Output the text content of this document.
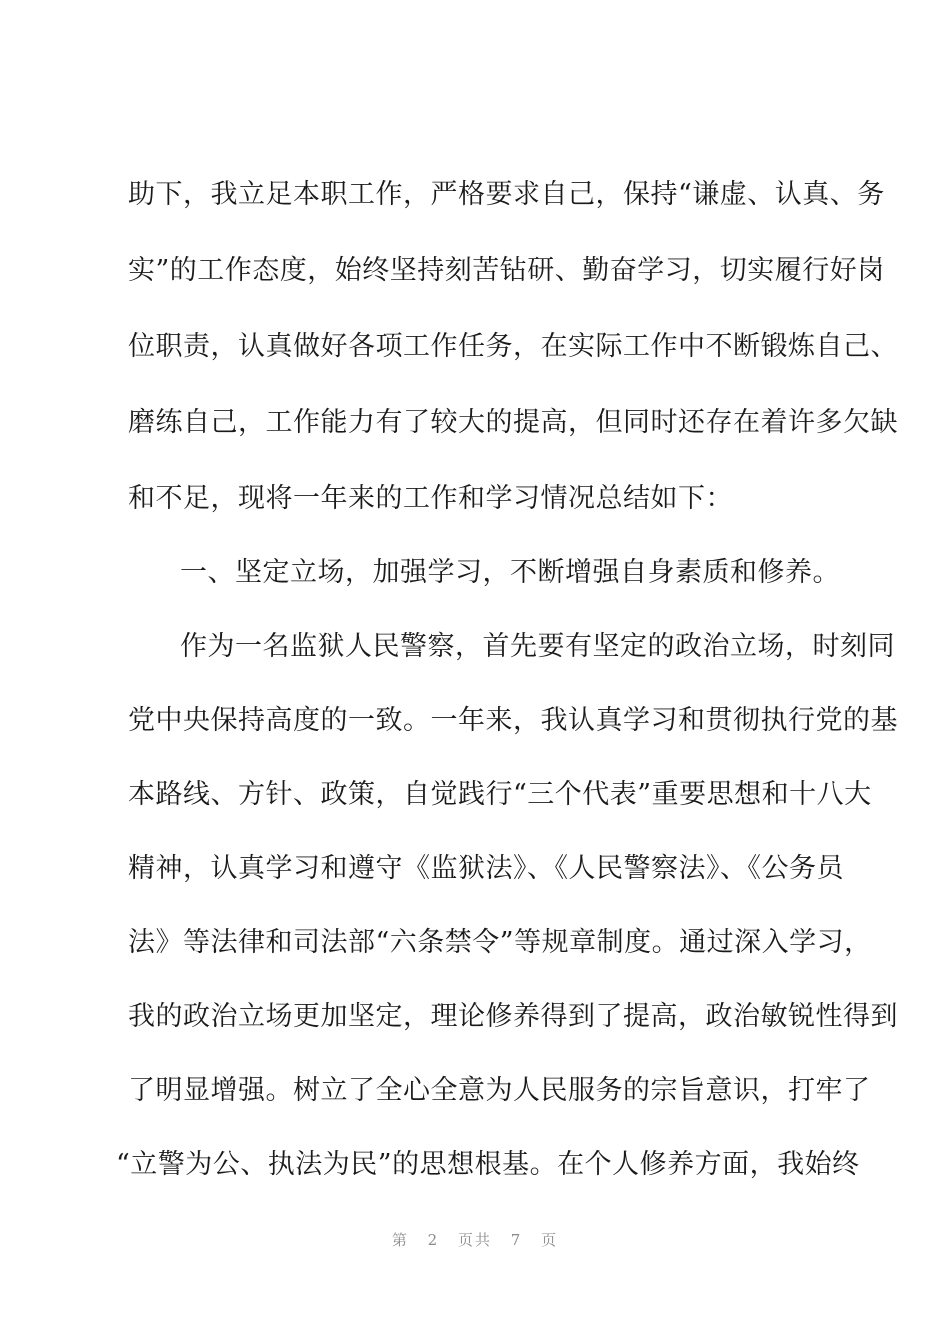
助下，我立足本职工作，严格要求自己，保持“谦虚、认真、务
实”的工作态度，始终坚持刻苦钻研、勤奋学习，切实履行好岗
位职责，认真做好各项工作任务，在实际工作中不断锻炼自己、
磨练自己，工作能力有了较大的提高，但同时还存在着许多欠缺
和不足，现将一年来的工作和学习情况总结如下：
一、坚定立场，加强学习，不断增强自身素质和修养。
作为一名监狱人民警察，首先要有坚定的政治立场，时刻同
党中央保持高度的一致。一年来，我认真学习和贯彻执行党的基
本路线、方针、政策，自觉践行“三个代表”重要思想和十八大
精神，认真学习和遵守《监狱法》、《人民警察法》、《公务员
法》等法律和司法部“六条禁令”等规章制度。通过深入学习，
我的政治立场更加坚定，理论修养得到了提高，政治敏锐性得到
了明显增强。树立了全心全意为人民服务的宗旨意识，打牢了
“立警为公、执法为民”的思想根基。在个人修养方面，我始终
第 2 页共 7 页
